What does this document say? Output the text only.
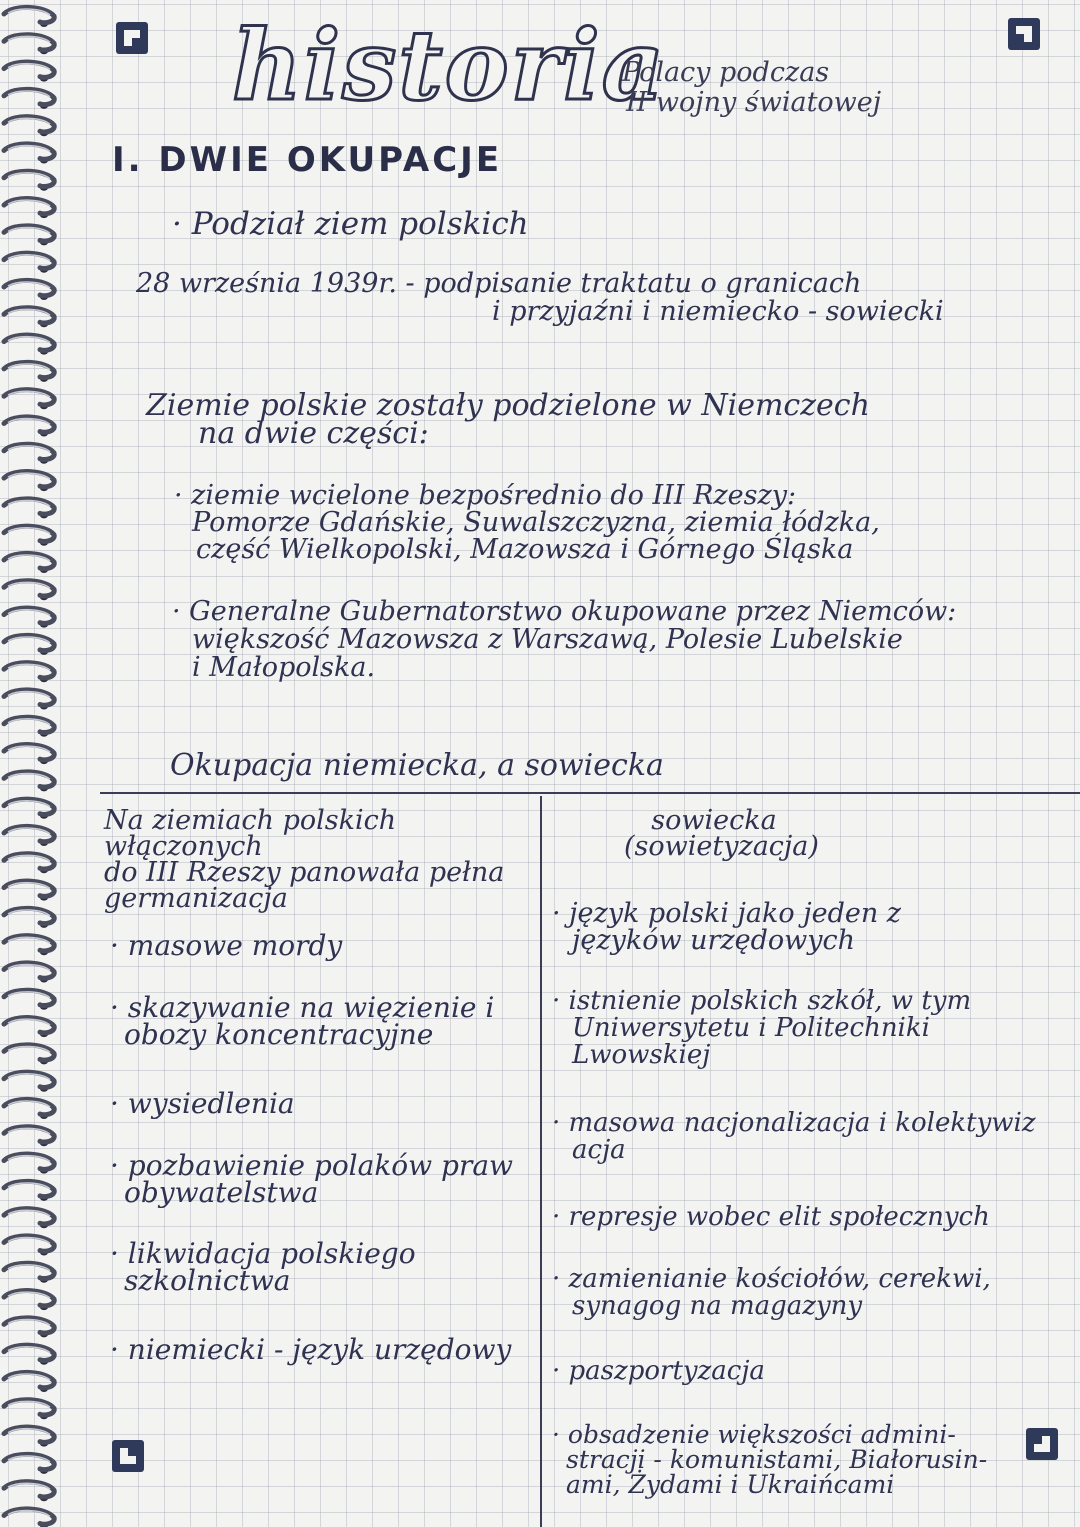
historia
Polacy podczas
II wojny światowej
I. DWIE OKUPACJE
· Podział ziem polskich
28 września 1939r. - podpisanie traktatu o granicach
i przyjaźni i niemiecko - sowiecki
Ziemie polskie zostały podzielone w Niemczech
na dwie części:
· ziemie wcielone bezpośrednio do III Rzeszy:
Pomorze Gdańskie, Suwalszczyzna, ziemia łódzka,
część Wielkopolski, Mazowsza i Górnego Śląska
· Generalne Gubernatorstwo okupowane przez Niemców:
większość Mazowsza z Warszawą, Polesie Lubelskie
i Małopolska.
Okupacja niemiecka, a sowiecka
Na ziemiach polskich włączonych
do III Rzeszy panowała pełna
germanizacja
· masowe mordy
· skazywanie na więzienie i
obozy koncentracyjne
· wysiedlenia
· pozbawienie polaków praw
obywatelstwa
· likwidacja polskiego
szkolnictwa
· niemiecki - język urzędowy
sowiecka
(sowietyzacja)
· język polski jako jeden z
języków urzędowych
· istnienie polskich szkół, w tym
Uniwersytetu i Politechniki
Lwowskiej
· masowa nacjonalizacja i kolektywiz
acja
· represje wobec elit społecznych
· zamienianie kościołów, cerekwi,
synagog na magazyny
· paszportyzacja
· obsadzenie większości admini-
stracji - komunistami, Białorusin-
ami, Żydami i Ukraińcami
